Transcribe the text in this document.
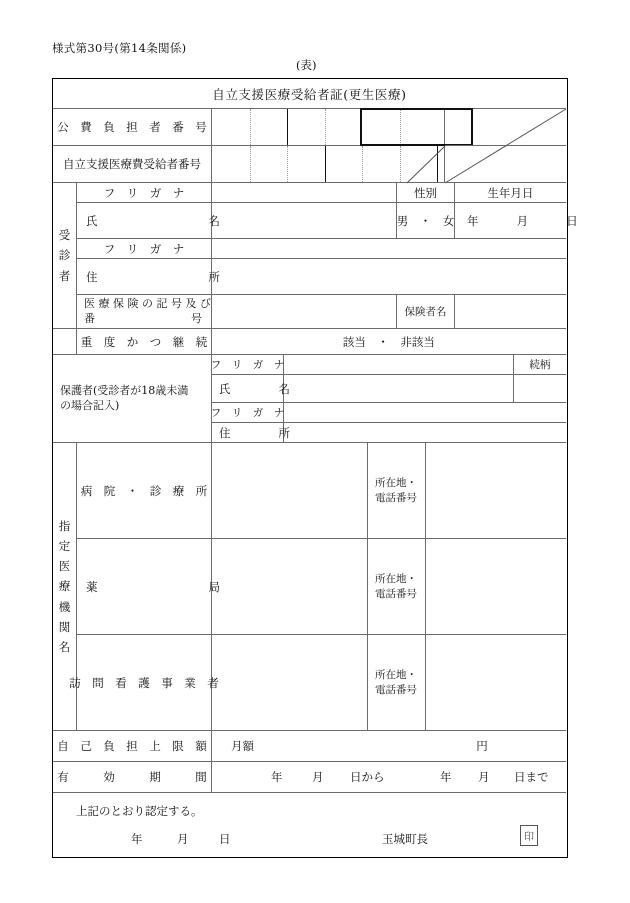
様式第30号(第14条関係)
(表)
自立支援医療受給者証(更生医療)
公　費　負　担　者　番　号
自立支援医療費受給者番号
受
診
者
フ　リ　ガ　ナ	性別	生年月日
氏	名	男　・　女 年	月	日
フ　リ　ガ　ナ
住	所
医 療 保 険 の 記 号 及 び
番	号	保険者名
重　度　か　つ　継　続	該当　・　非該当
保護者(受診者が18歳未満
の場合記入)
フ　リ　ガ　ナ	続柄
氏	名
フ　リ　ガ　ナ
住	所
指
定
医
療
機
関
名
病　院　・　診　療　所
所在地・
電話番号
薬	局
所在地・
電話番号
訪　問　看　護　事　業　者
所在地・
電話番号
自　己　負　担　上　限　額	月額	円
有　　　効　　　期　　　間	年	月 日から	年 月 日まで
上記のとおり認定する。
年	月	日	玉城町長	印
